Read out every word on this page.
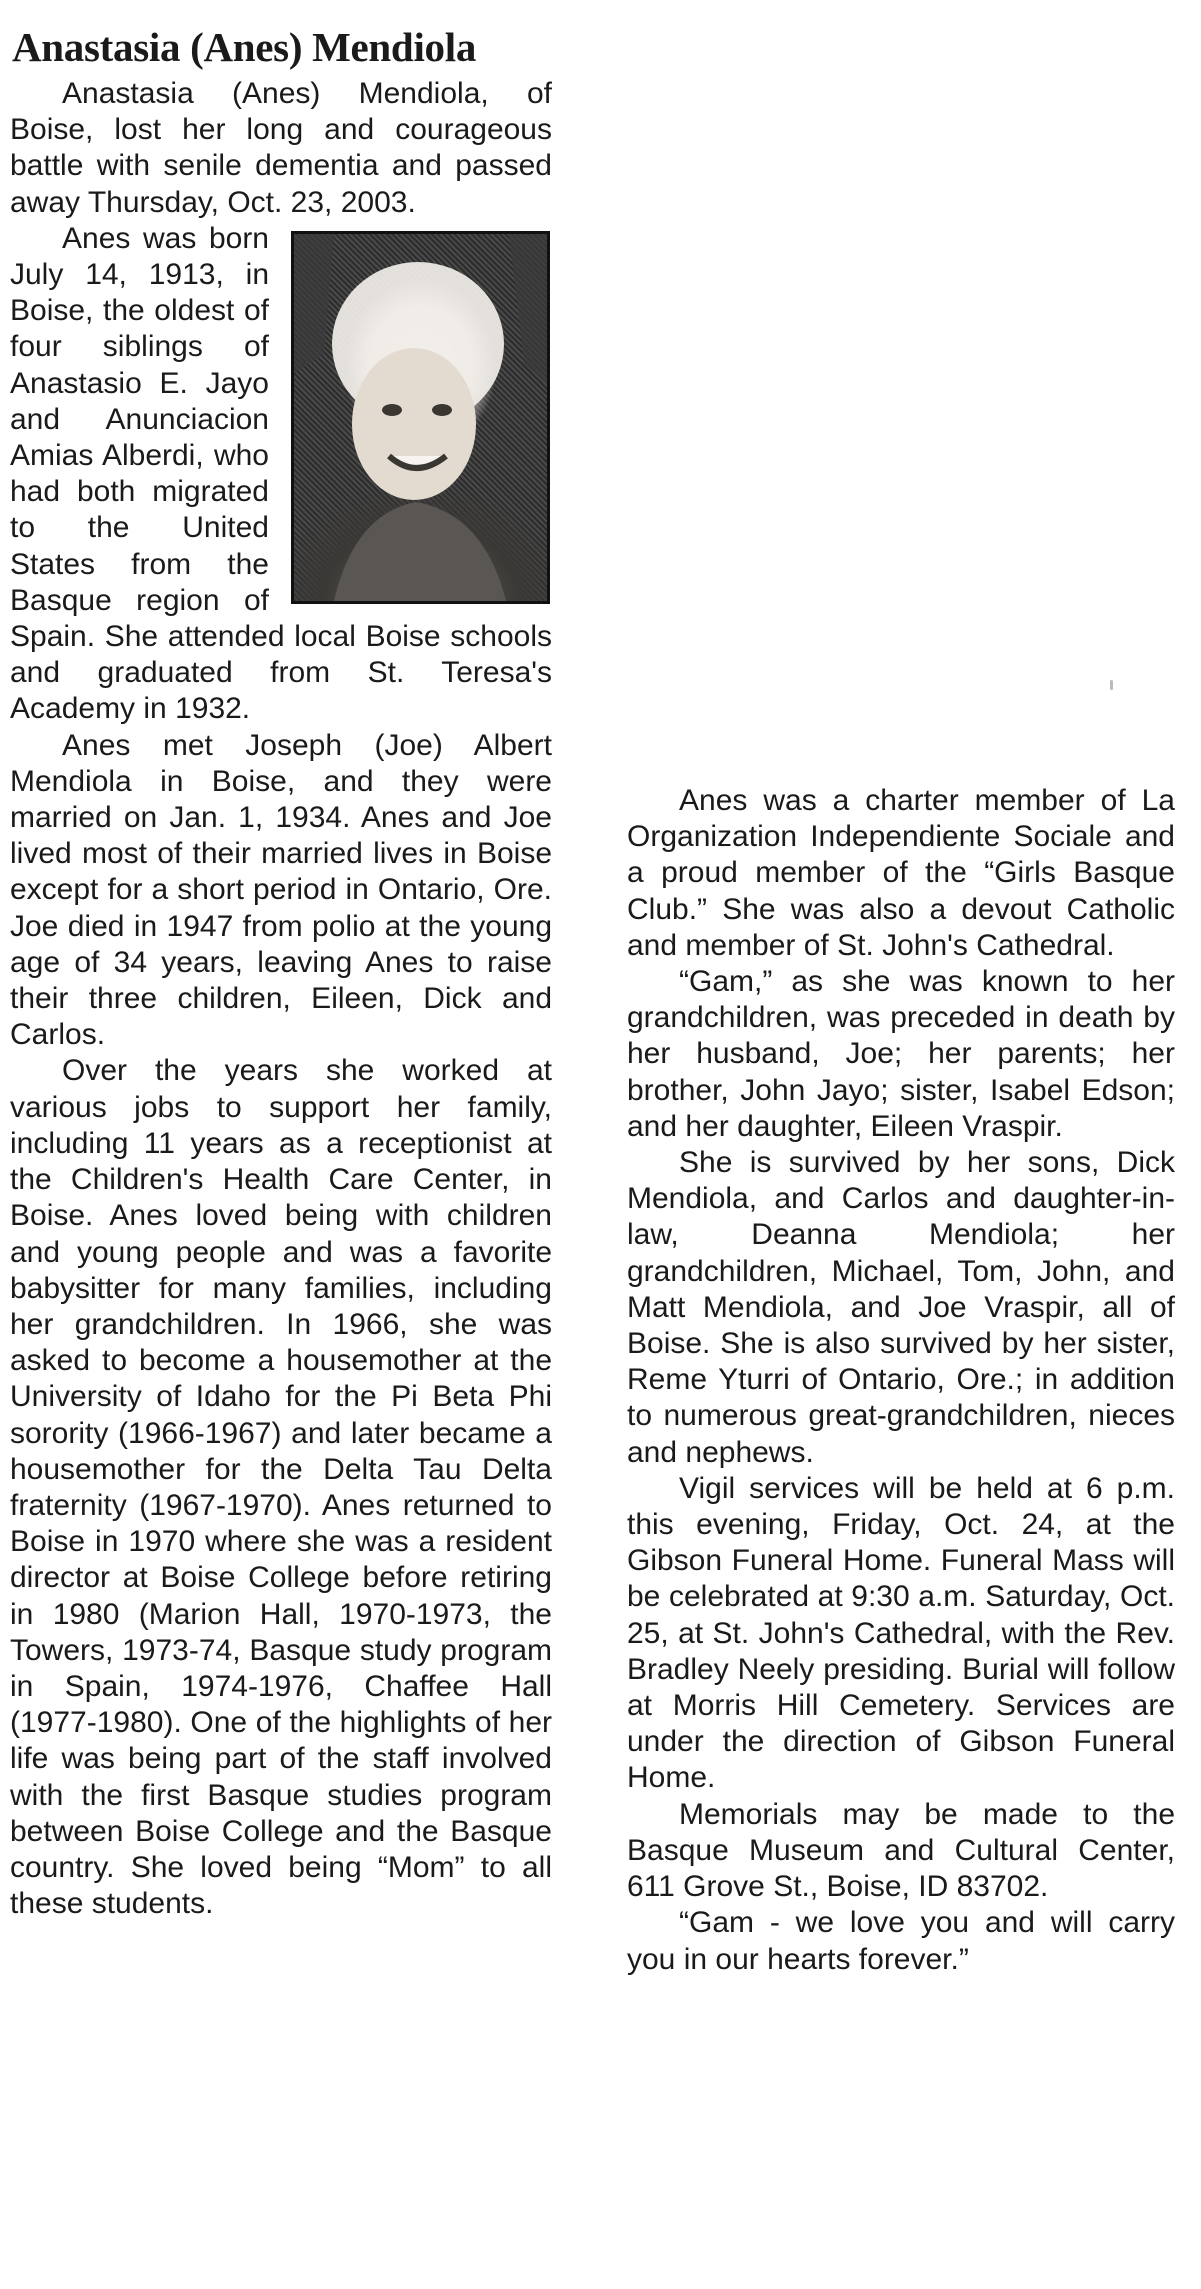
Anastasia (Anes) Mendiola

Anastasia (Anes) Mendiola, of Boise, lost her long and courageous battle with senile dementia and passed away Thursday, Oct. 23, 2003.

Anes was born July 14, 1913, in Boise, the oldest of four siblings of Anastasio E. Jayo and Anunciacion Amias Alberdi, who had both migrated to the United States from the Basque region of Spain. She attended local Boise schools and graduated from St. Teresa's Academy in 1932.

Anes met Joseph (Joe) Albert Mendiola in Boise, and they were married on Jan. 1, 1934. Anes and Joe lived most of their married lives in Boise except for a short period in Ontario, Ore. Joe died in 1947 from polio at the young age of 34 years, leaving Anes to raise their three children, Eileen, Dick and Carlos.

Over the years she worked at various jobs to support her family, including 11 years as a receptionist at the Children's Health Care Center, in Boise. Anes loved being with children and young people and was a favorite babysitter for many families, including her grandchildren. In 1966, she was asked to become a housemother at the University of Idaho for the Pi Beta Phi sorority (1966-1967) and later became a housemother for the Delta Tau Delta fraternity (1967-1970). Anes returned to Boise in 1970 where she was a resident director at Boise College before retiring in 1980 (Marion Hall, 1970-1973, the Towers, 1973-74, Basque study program in Spain, 1974-1976, Chaffee Hall (1977-1980). One of the highlights of her life was being part of the staff involved with the first Basque studies program between Boise College and the Basque country. She loved being “Mom” to all these students.

Anes was a charter member of La Organization Independiente Sociale and a proud member of the “Girls Basque Club.” She was also a devout Catholic and member of St. John's Cathedral.

“Gam,” as she was known to her grandchildren, was preceded in death by her husband, Joe; her parents; her brother, John Jayo; sister, Isabel Edson; and her daughter, Eileen Vraspir.

She is survived by her sons, Dick Mendiola, and Carlos and daughter-in-law, Deanna Mendiola; her grandchildren, Michael, Tom, John, and Matt Mendiola, and Joe Vraspir, all of Boise. She is also survived by her sister, Reme Yturri of Ontario, Ore.; in addition to numerous great-grandchildren, nieces and nephews.

Vigil services will be held at 6 p.m. this evening, Friday, Oct. 24, at the Gibson Funeral Home. Funeral Mass will be celebrated at 9:30 a.m. Saturday, Oct. 25, at St. John's Cathedral, with the Rev. Bradley Neely presiding. Burial will follow at Morris Hill Cemetery. Services are under the direction of Gibson Funeral Home.

Memorials may be made to the Basque Museum and Cultural Center, 611 Grove St., Boise, ID 83702.

“Gam - we love you and will carry you in our hearts forever.”
